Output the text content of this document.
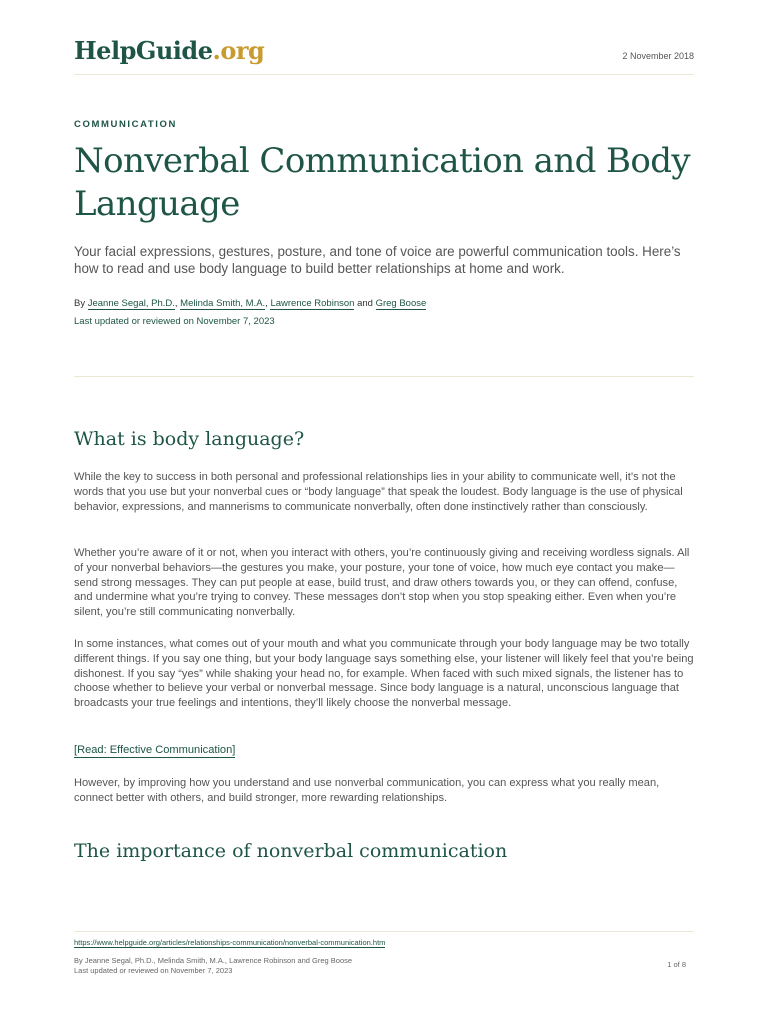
HelpGuide.org	2 November 2018
COMMUNICATION
Nonverbal Communication and Body Language

Your facial expressions, gestures, posture, and tone of voice are powerful communication tools. Here’s how to read and use body language to build better relationships at home and work.

By Jeanne Segal, Ph.D., Melinda Smith, M.A., Lawrence Robinson and Greg Boose
Last updated or reviewed on November 7, 2023
What is body language?

While the key to success in both personal and professional relationships lies in your ability to communicate well, it’s not the words that you use but your nonverbal cues or “body language” that speak the loudest. Body language is the use of physical behavior, expressions, and mannerisms to communicate nonverbally, often done instinctively rather than consciously.

Whether you’re aware of it or not, when you interact with others, you’re continuously giving and receiving wordless signals. All of your nonverbal behaviors—the gestures you make, your posture, your tone of voice, how much eye contact you make—send strong messages. They can put people at ease, build trust, and draw others towards you, or they can offend, confuse, and undermine what you’re trying to convey. These messages don’t stop when you stop speaking either. Even when you’re silent, you’re still communicating nonverbally.

In some instances, what comes out of your mouth and what you communicate through your body language may be two totally different things. If you say one thing, but your body language says something else, your listener will likely feel that you’re being dishonest. If you say “yes” while shaking your head no, for example. When faced with such mixed signals, the listener has to choose whether to believe your verbal or nonverbal message. Since body language is a natural, unconscious language that broadcasts your true feelings and intentions, they’ll likely choose the nonverbal message.

[Read: Effective Communication]

However, by improving how you understand and use nonverbal communication, you can express what you really mean, connect better with others, and build stronger, more rewarding relationships.

The importance of nonverbal communication
https://www.helpguide.org/articles/relationships-communication/nonverbal-communication.htm
By Jeanne Segal, Ph.D., Melinda Smith, M.A., Lawrence Robinson and Greg Boose
Last updated or reviewed on November 7, 2023
1 of 8
